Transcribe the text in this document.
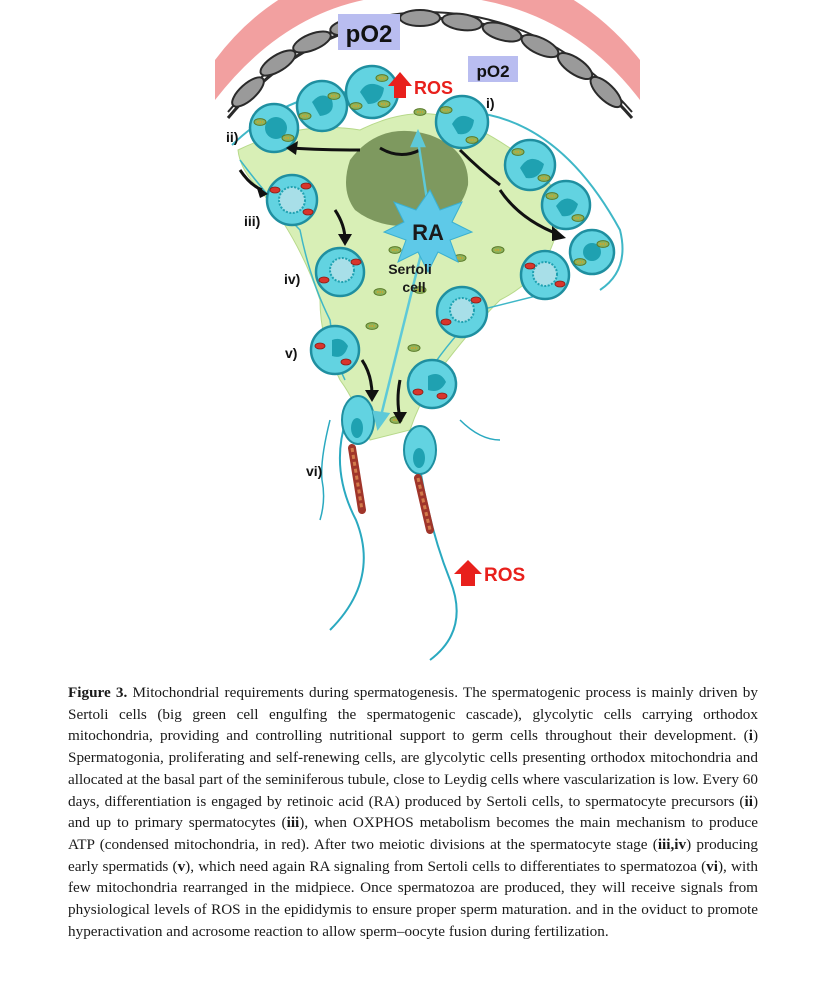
RA
Sertoli
cell
pO2
pO2
ROS
ROS
i)
ii)
iii)
iv)
v)
vi)
Figure 3. Mitochondrial requirements during spermatogenesis. The spermatogenic process is mainly driven by Sertoli cells (big green cell engulfing the spermatogenic cascade), glycolytic cells carrying orthodox mitochondria, providing and controlling nutritional support to germ cells throughout their development. (i) Spermatogonia, proliferating and self-renewing cells, are glycolytic cells presenting orthodox mitochondria and allocated at the basal part of the seminiferous tubule, close to Leydig cells where vascularization is low. Every 60 days, differentiation is engaged by retinoic acid (RA) produced by Sertoli cells, to spermatocyte precursors (ii) and up to primary spermatocytes (iii), when OXPHOS metabolism becomes the main mechanism to produce ATP (condensed mitochondria, in red). After two meiotic divisions at the spermatocyte stage (iii,iv) producing early spermatids (v), which need again RA signaling from Sertoli cells to differentiates to spermatozoa (vi), with few mitochondria rearranged in the midpiece. Once spermatozoa are produced, they will receive signals from physiological levels of ROS in the epididymis to ensure proper sperm maturation. and in the oviduct to promote hyperactivation and acrosome reaction to allow sperm–oocyte fusion during fertilization.
